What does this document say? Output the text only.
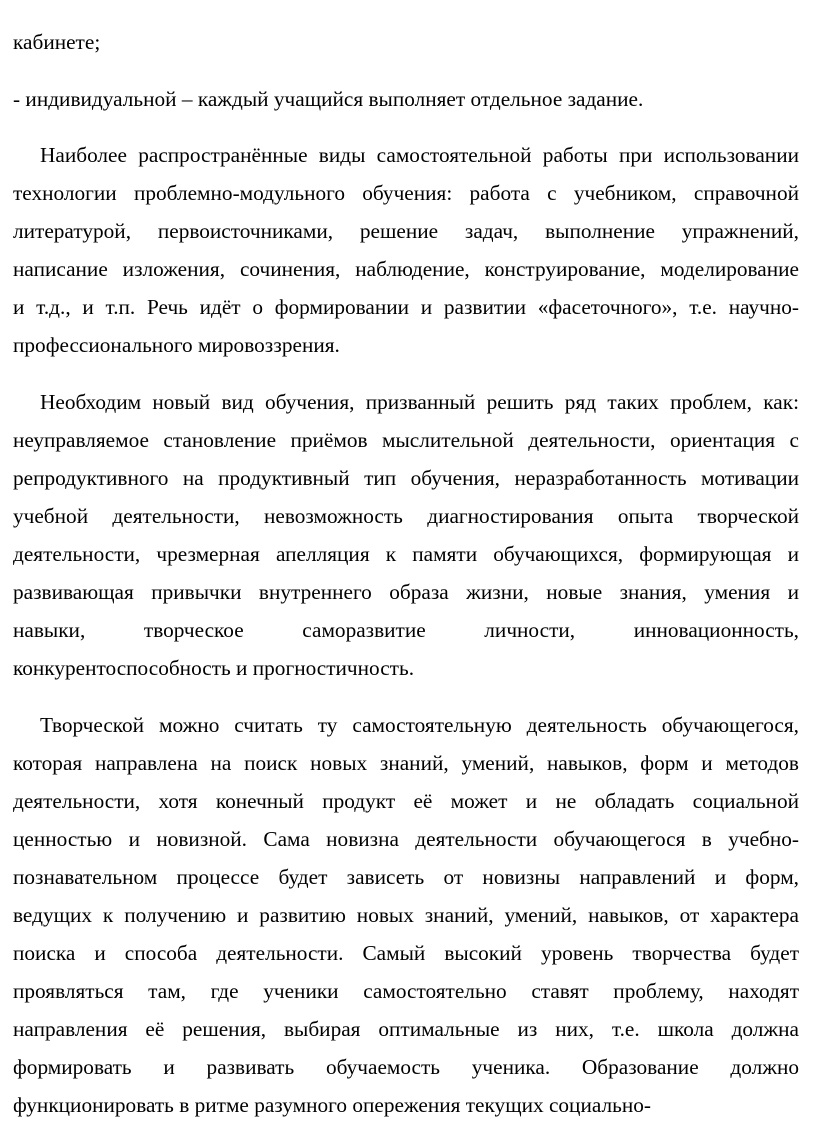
кабинете;
- индивидуальной – каждый учащийся выполняет отдельное задание.
Наиболее распространённые виды самостоятельной работы при использовании
технологии проблемно-модульного обучения: работа с учебником, справочной
литературой, первоисточниками, решение задач, выполнение упражнений,
написание изложения, сочинения, наблюдение, конструирование, моделирование
и т.д., и т.п. Речь идёт о формировании и развитии «фасеточного», т.е. научно-
профессионального мировоззрения.
Необходим новый вид обучения, призванный решить ряд таких проблем, как:
неуправляемое становление приёмов мыслительной деятельности, ориентация с
репродуктивного на продуктивный тип обучения, неразработанность мотивации
учебной деятельности, невозможность диагностирования опыта творческой
деятельности, чрезмерная апелляция к памяти обучающихся, формирующая и
развивающая привычки внутреннего образа жизни, новые знания, умения и
навыки, творческое саморазвитие личности, инновационность,
конкурентоспособность и прогностичность.
Творческой можно считать ту самостоятельную деятельность обучающегося,
которая направлена на поиск новых знаний, умений, навыков, форм и методов
деятельности, хотя конечный продукт её может и не обладать социальной
ценностью и новизной. Сама новизна деятельности обучающегося в учебно-
познавательном процессе будет зависеть от новизны направлений и форм,
ведущих к получению и развитию новых знаний, умений, навыков, от характера
поиска и способа деятельности. Самый высокий уровень творчества будет
проявляться там, где ученики самостоятельно ставят проблему, находят
направления её решения, выбирая оптимальные из них, т.е. школа должна
формировать и развивать обучаемость ученика. Образование должно
функционировать в ритме разумного опережения текущих социально-
